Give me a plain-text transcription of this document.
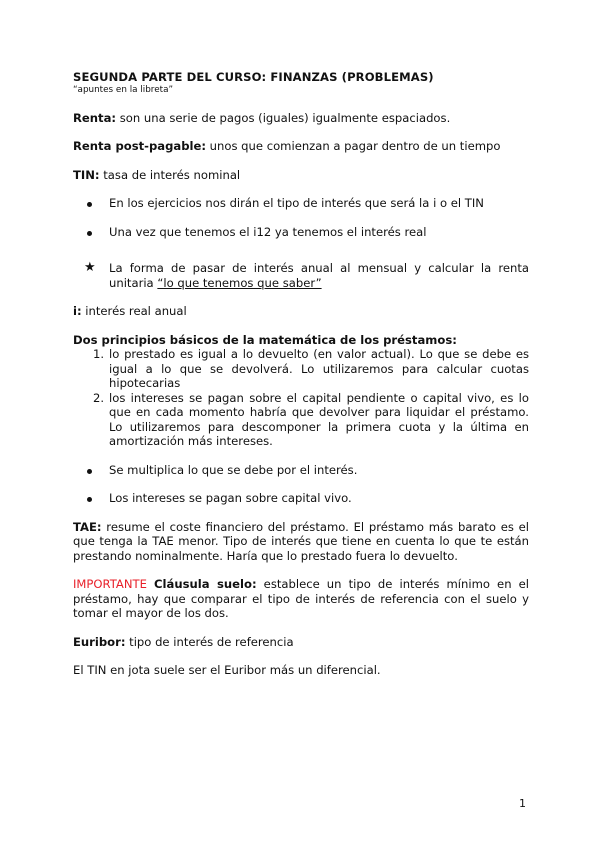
SEGUNDA PARTE DEL CURSO: FINANZAS (PROBLEMAS)

“apuntes en la libreta”

Renta: son una serie de pagos (iguales) igualmente espaciados.

Renta post-pagable: unos que comienzan a pagar dentro de un tiempo

TIN: tasa de interés nominal

En los ejercicios nos dirán el tipo de interés que será la i o el TIN
Una vez que tenemos el i12 ya tenemos el interés real
★ La forma de pasar de interés anual al mensual y calcular la renta unitaria “lo que tenemos que saber”

i: interés real anual

Dos principios básicos de la matemática de los préstamos:

1. lo prestado es igual a lo devuelto (en valor actual). Lo que se debe es igual a lo que se devolverá. Lo utilizaremos para calcular cuotas hipotecarias
2. los intereses se pagan sobre el capital pendiente o capital vivo, es lo que en cada momento habría que devolver para liquidar el préstamo. Lo utilizaremos para descomponer la primera cuota y la última en amortización más intereses.
Se multiplica lo que se debe por el interés.
Los intereses se pagan sobre capital vivo.

TAE: resume el coste financiero del préstamo. El préstamo más barato es el que tenga la TAE menor. Tipo de interés que tiene en cuenta lo que te están prestando nominalmente. Haría que lo prestado fuera lo devuelto.

IMPORTANTE Cláusula suelo: establece un tipo de interés mínimo en el préstamo, hay que comparar el tipo de interés de referencia con el suelo y tomar el mayor de los dos.

Euribor: tipo de interés de referencia

El TIN en jota suele ser el Euribor más un diferencial.

1
